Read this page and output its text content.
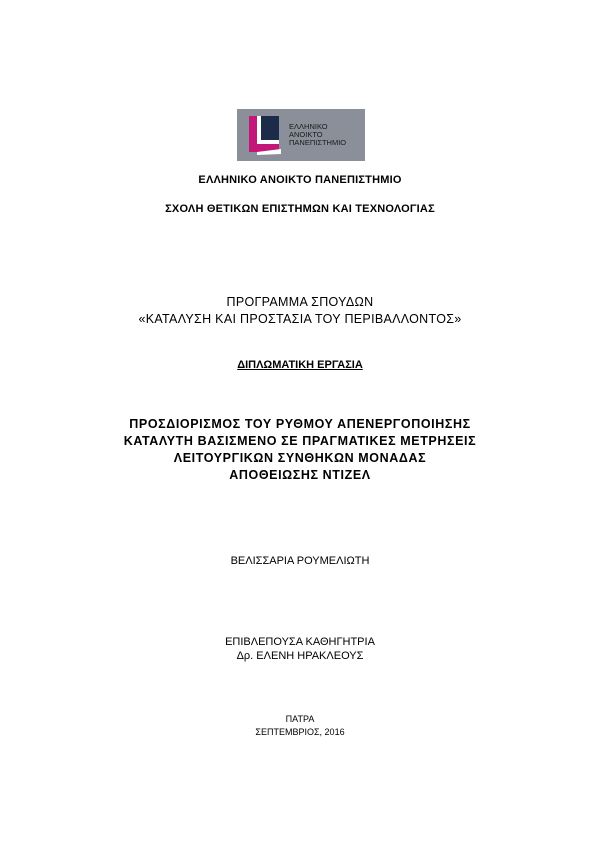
ΕΛΛΗΝΙΚΟ
ΑΝΟΙΚΤΟ
ΠΑΝΕΠΙΣΤΗΜΙΟ
ΕΛΛΗΝΙΚΟ ΑΝΟΙΚΤΟ ΠΑΝΕΠΙΣΤΗΜΙΟ
ΣΧΟΛΗ ΘΕΤΙΚΩΝ ΕΠΙΣΤΗΜΩΝ ΚΑΙ ΤΕΧΝΟΛΟΓΙΑΣ
ΠΡΟΓΡΑΜΜΑ ΣΠΟΥΔΩΝ
«ΚΑΤΑΛΥΣΗ ΚΑΙ ΠΡΟΣΤΑΣΙΑ ΤΟΥ ΠΕΡΙΒΑΛΛΟΝΤΟΣ»
ΔΙΠΛΩΜΑΤΙΚΗ ΕΡΓΑΣΙΑ
ΠΡΟΣΔΙΟΡΙΣΜΟΣ ΤΟΥ ΡΥΘΜΟΥ ΑΠΕΝΕΡΓΟΠΟΙΗΣΗΣ
ΚΑΤΑΛΥΤΗ ΒΑΣΙΣΜΕΝΟ ΣΕ ΠΡΑΓΜΑΤΙΚΕΣ ΜΕΤΡΗΣΕΙΣ
ΛΕΙΤΟΥΡΓΙΚΩΝ ΣΥΝΘΗΚΩΝ ΜΟΝΑΔΑΣ
ΑΠΟΘΕΙΩΣΗΣ ΝΤΙΖΕΛ
ΒΕΛΙΣΣΑΡΙΑ ΡΟΥΜΕΛΙΩΤΗ
ΕΠΙΒΛΕΠΟΥΣΑ ΚΑΘΗΓΗΤΡΙΑ
Δρ. ΕΛΕΝΗ ΗΡΑΚΛΕΟΥΣ
ΠΑΤΡΑ
ΣΕΠΤΕΜΒΡΙΟΣ, 2016
